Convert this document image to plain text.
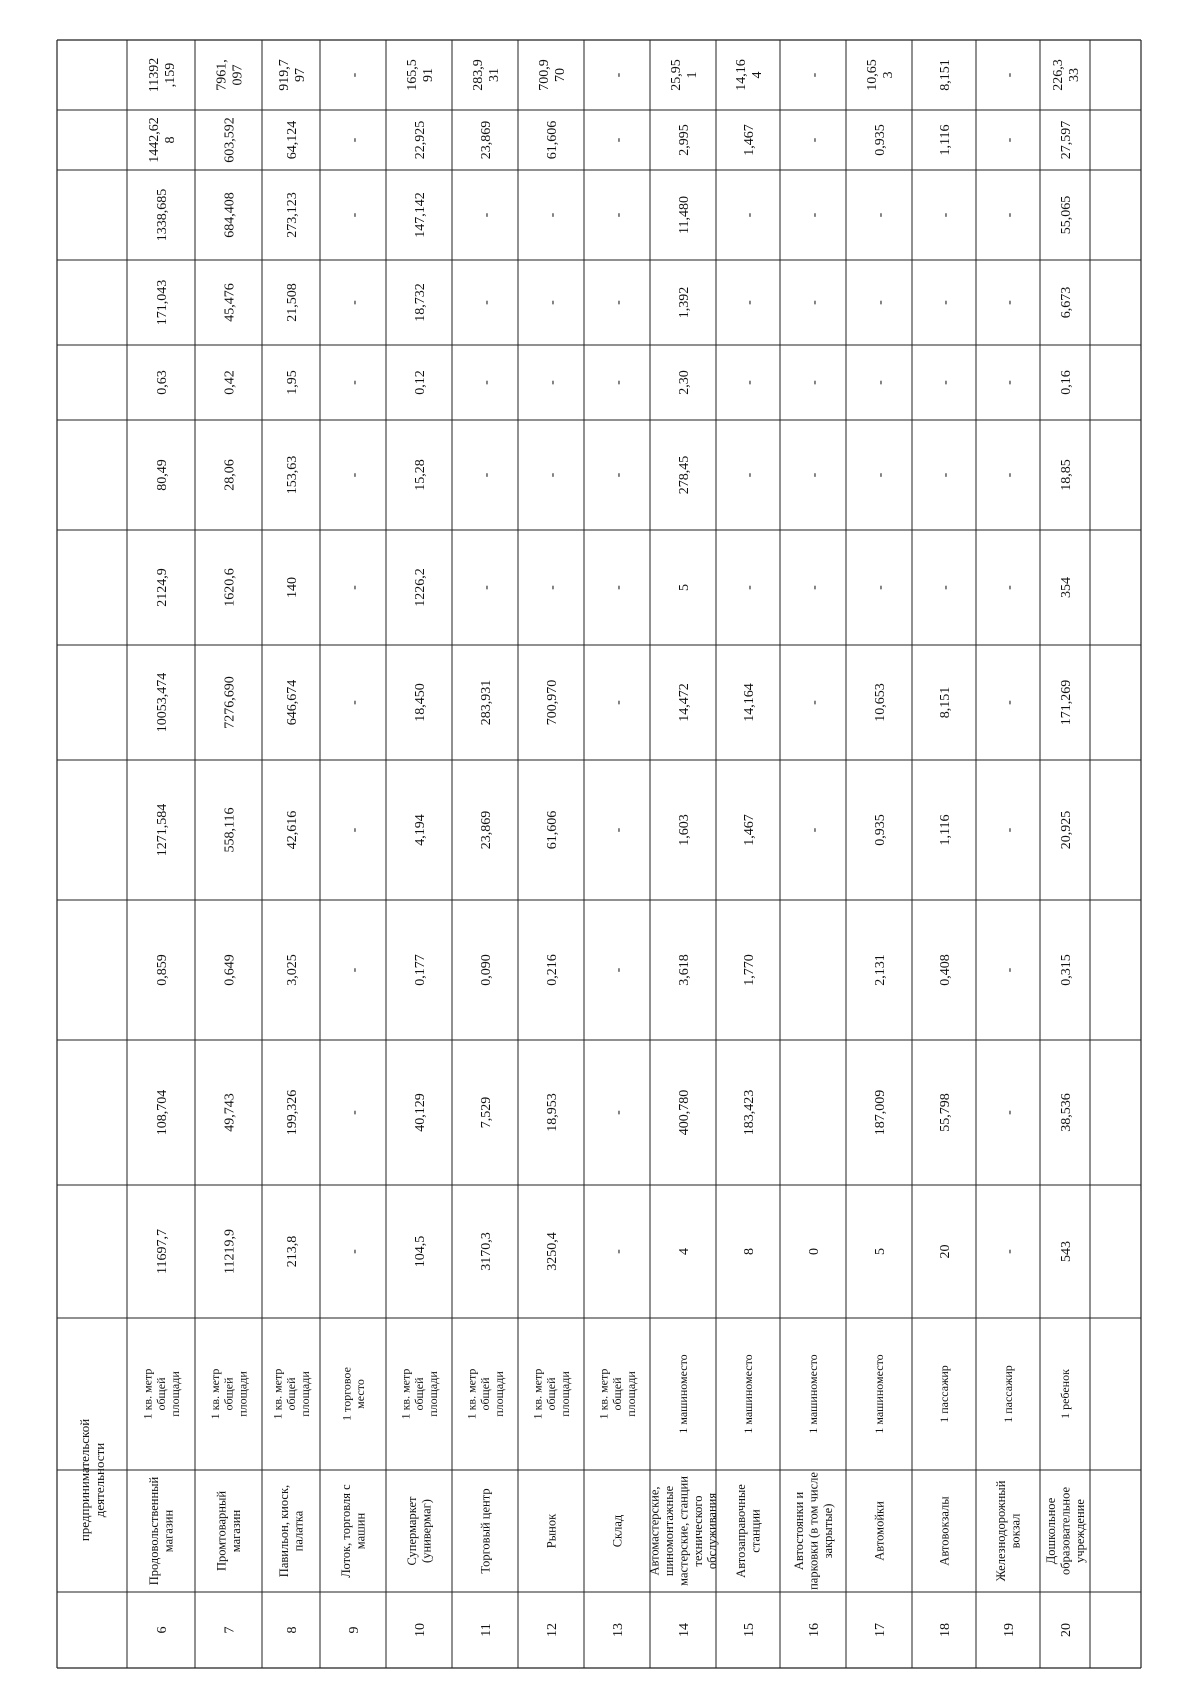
предпринимательскойдеятельности
6
Продовольственныймагазин
1 кв. метробщейплощади
11697,7
108,704
0,859
1271,584
10053,474
2124,9
80,49
0,63
171,043
1338,685
1442,628
11392,159
7
Промтоварныймагазин
1 кв. метробщейплощади
11219,9
49,743
0,649
558,116
7276,690
1620,6
28,06
0,42
45,476
684,408
603,592
7961,097
8
Павильон, киоск,палатка
1 кв. метробщейплощади
213,8
199,326
3,025
42,616
646,674
140
153,63
1,95
21,508
273,123
64,124
919,797
9
Лоток, торговля смашин
1 торговоеместо
-
-
-
-
-
-
-
-
-
-
-
-
10
Супермаркет(универмаг)
1 кв. метробщейплощади
104,5
40,129
0,177
4,194
18,450
1226,2
15,28
0,12
18,732
147,142
22,925
165,591
11
Торговый центр
1 кв. метробщейплощади
3170,3
7,529
0,090
23,869
283,931
-
-
-
-
-
23,869
283,931
12
Рынок
1 кв. метробщейплощади
3250,4
18,953
0,216
61,606
700,970
-
-
-
-
-
61,606
700,970
13
Склад
1 кв. метробщейплощади
-
-
-
-
-
-
-
-
-
-
-
-
14
Автомастерские,шиномонтажныемастерские, станциитехническогообслуживания
1 машиноместо
4
400,780
3,618
1,603
14,472
5
278,45
2,30
1,392
11,480
2,995
25,951
15
Автозаправочныестанции
1 машиноместо
8
183,423
1,770
1,467
14,164
-
-
-
-
-
1,467
14,164
16
Автостоянки ипарковки (в том числезакрытые)
1 машиноместо
0
-
-
-
-
-
-
-
-
-
17
Автомойки
1 машиноместо
5
187,009
2,131
0,935
10,653
-
-
-
-
-
0,935
10,653
18
Автовокзалы
1 пассажир
20
55,798
0,408
1,116
8,151
-
-
-
-
-
1,116
8,151
19
Железнодорожныйвокзал
1 пассажир
-
-
-
-
-
-
-
-
-
-
-
-
20
Дошкольноеобразовательноеучреждение
1 ребенок
543
38,536
0,315
20,925
171,269
354
18,85
0,16
6,673
55,065
27,597
226,333
